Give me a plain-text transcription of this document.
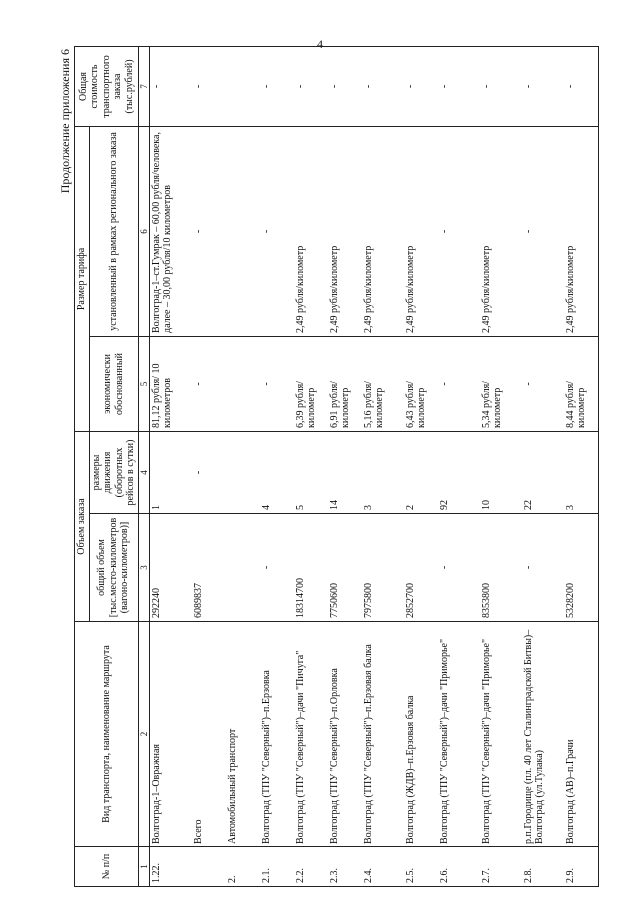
4
Продолжение приложения 6
№ п/п	Вид транспорта, наименование маршрута	Объем заказа		Размер тарифа		Общая стоимость транспортного заказа (тыс.рублей)
		общий объем [тыс.место-километров (вагоно-километров)]	размеры движения (оборотных рейсов в сутки)	экономически обоснованный	установленный в рамках регионального заказа	
1	2	3	4	5	6	7
1.22.	Волгоград-1–Овражная	292240	1	81,12 рубля/ 10 километров	Волгоград-1–ст.Гумрак – 60,00 рубля/человека, далее – 30,00 рубля/10 километров	-
	Всего	6089837	-	-	-	-
2.	Автомобильный транспорт					
2.1.	Волгоград (ТПУ "Северный")–п.Ерзовка	-	4	-	-	-
2.2.	Волгоград (ТПУ "Северный")–дачи "Пичуга"	18314700	5	6,39 рубля/ километр	2,49 рубля/километр	-
2.3.	Волгоград (ТПУ "Северный")–п.Орловка	7750600	14	6,91 рубля/ километр	2,49 рубля/километр	-
2.4.	Волгоград (ТПУ "Северный")–п.Ерзовая балка	7975800	3	5,16 рубля/ километр	2,49 рубля/километр	-
2.5.	Волгоград (ЖДВ)–п.Ерзовая балка	2852700	2	6,43 рубля/ километр	2,49 рубля/километр	-
2.6.	Волгоград (ТПУ "Северный")–дачи "Приморье"	-	92	-	-	-
2.7.	Волгоград (ТПУ "Северный")–дачи "Приморье"	8353800	10	5,34 рубля/ километр	2,49 рубля/километр	-
2.8.	р.п.Городище (пл. 40 лет Сталинградской Битвы)–Волгоград (ул.Тулака)	-	22	-	-	-
2.9.	Волгоград (АВ)–п.Грачи	5328200	3	8,44 рубля/ километр	2,49 рубля/километр	-
